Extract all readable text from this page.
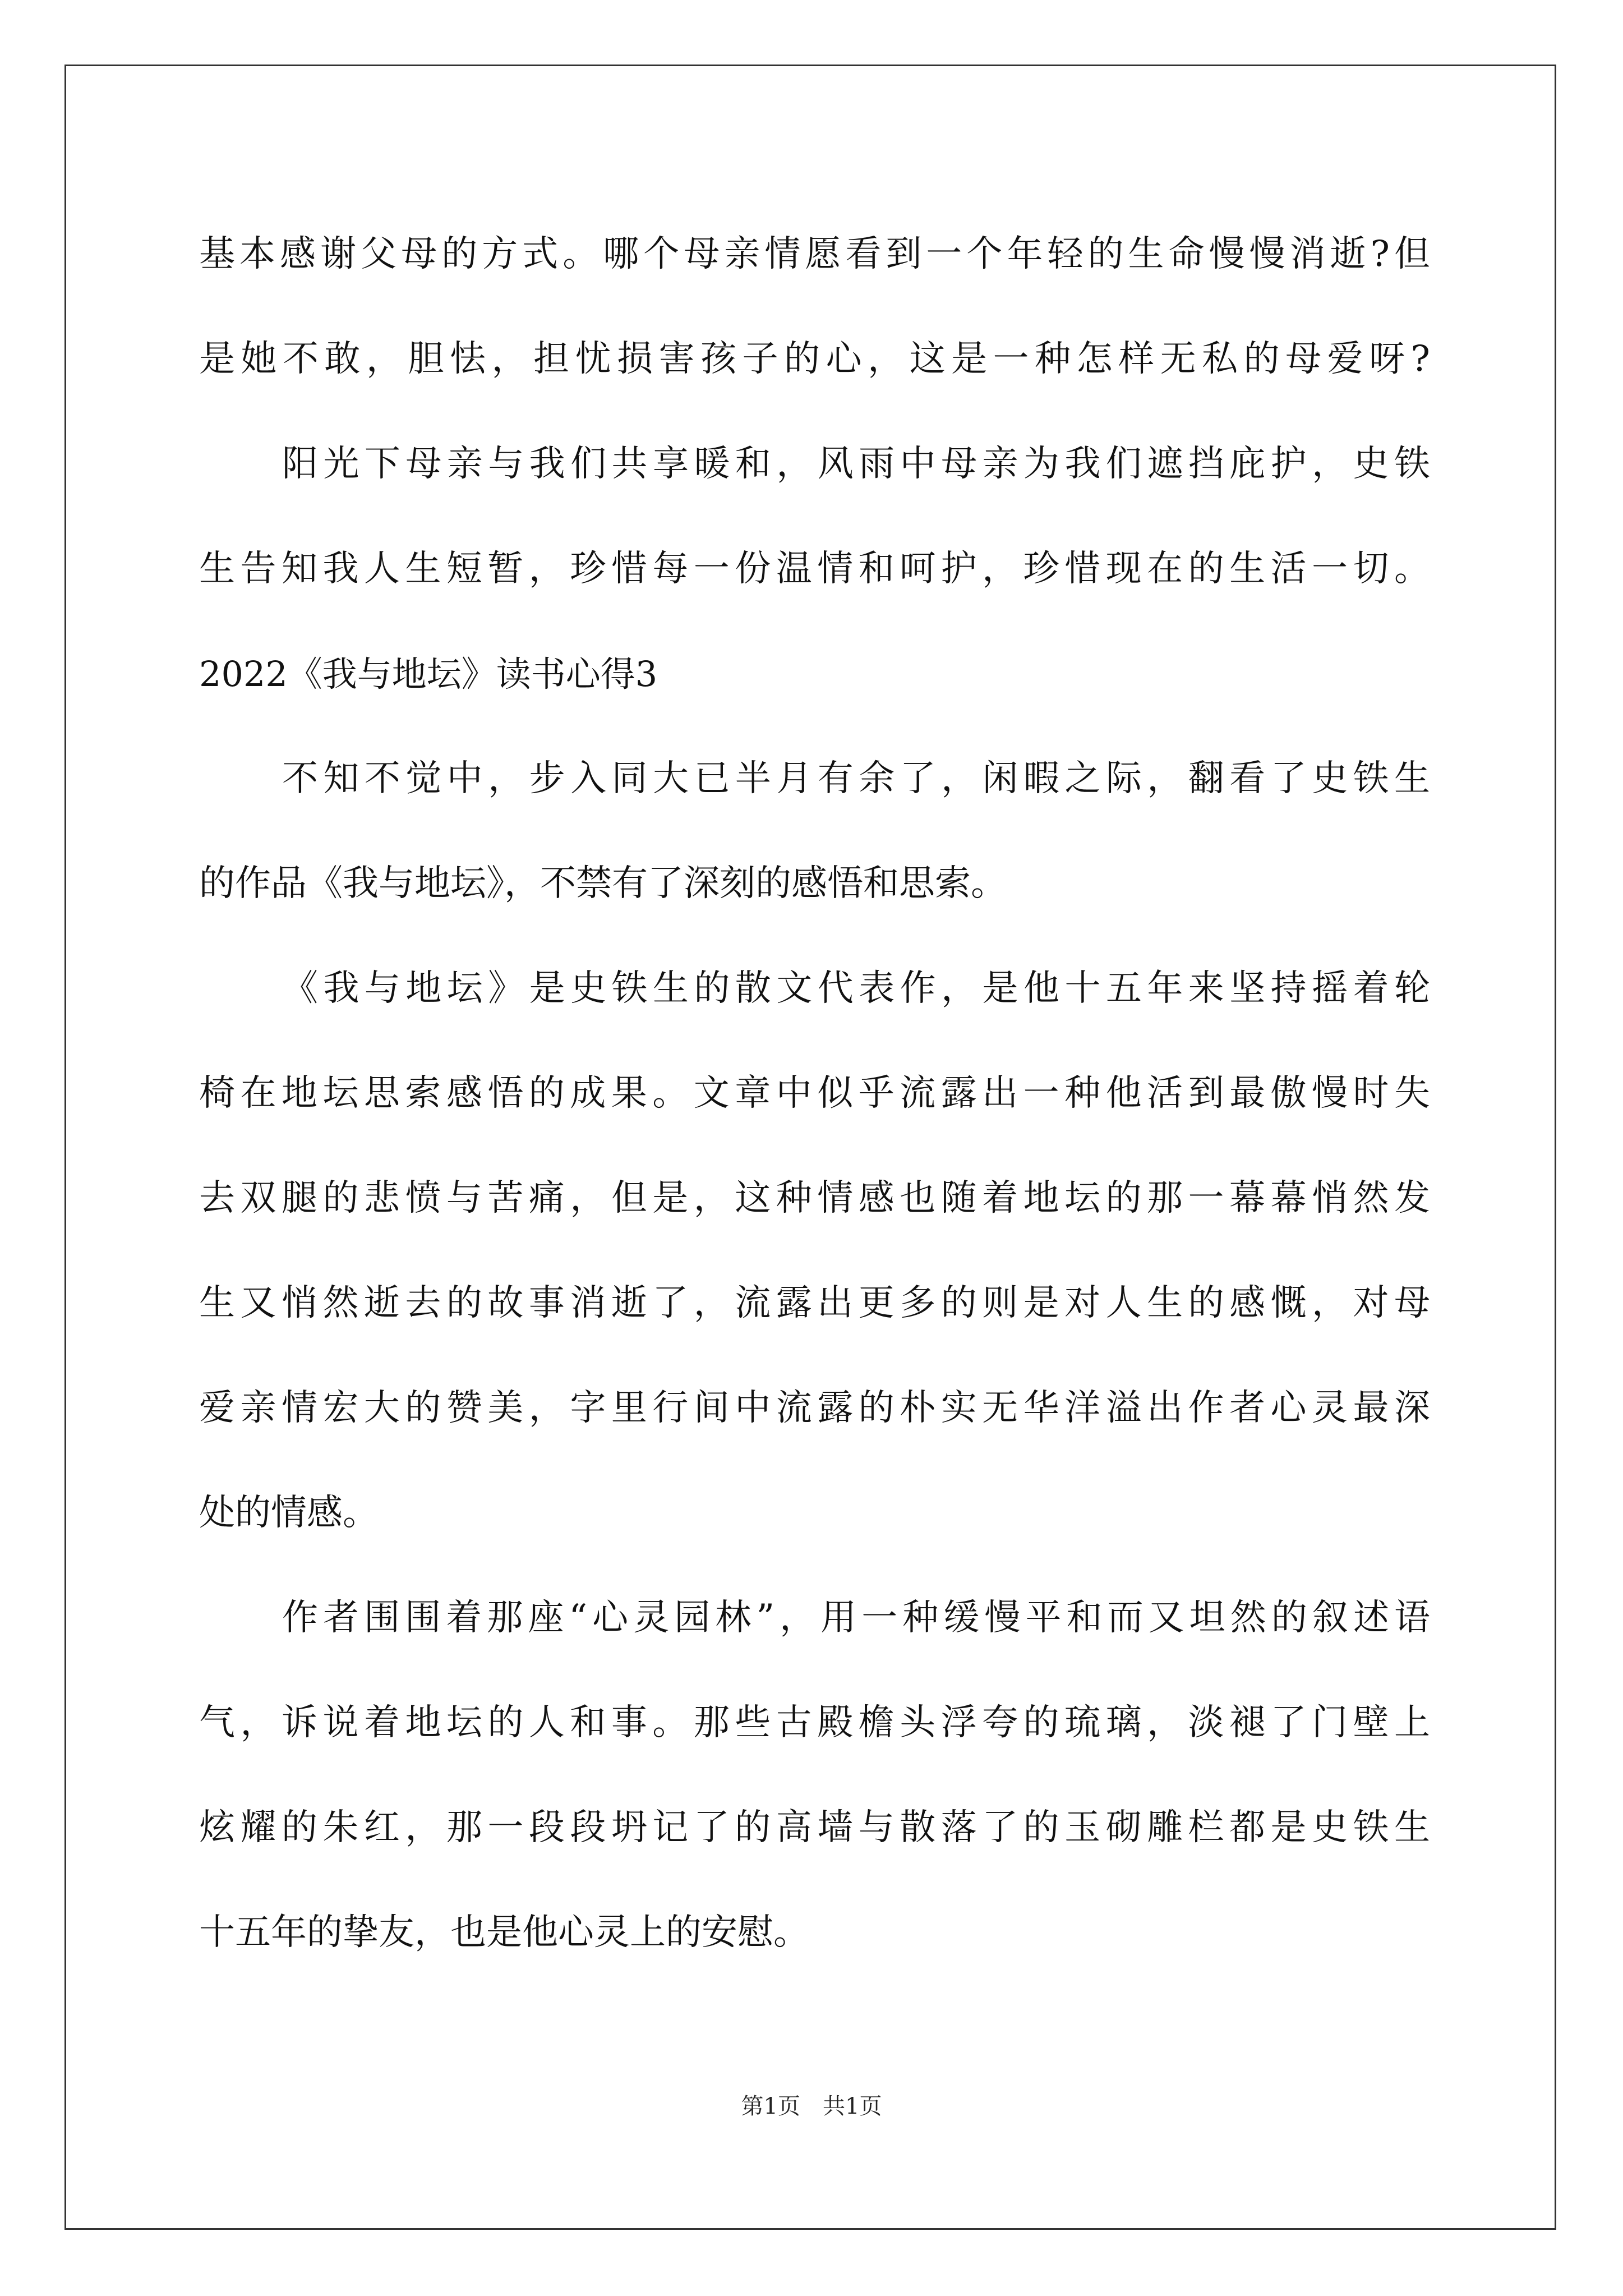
基本感谢父母的方式。哪个母亲情愿看到一个年轻的生命慢慢消逝?但
是她不敢，胆怯，担忧损害孩子的心，这是一种怎样无私的母爱呀?
阳光下母亲与我们共享暖和，风雨中母亲为我们遮挡庇护，史铁
生告知我人生短暂，珍惜每一份温情和呵护，珍惜现在的生活一切。
2022《我与地坛》读书心得3
不知不觉中，步入同大已半月有余了，闲暇之际，翻看了史铁生
的作品《我与地坛》，不禁有了深刻的感悟和思索。
《我与地坛》是史铁生的散文代表作，是他十五年来坚持摇着轮
椅在地坛思索感悟的成果。文章中似乎流露出一种他活到最傲慢时失
去双腿的悲愤与苦痛，但是，这种情感也随着地坛的那一幕幕悄然发
生又悄然逝去的故事消逝了，流露出更多的则是对人生的感慨，对母
爱亲情宏大的赞美，字里行间中流露的朴实无华洋溢出作者心灵最深
处的情感。
作者围围着那座“心灵园林”，用一种缓慢平和而又坦然的叙述语
气，诉说着地坛的人和事。那些古殿檐头浮夸的琉璃，淡褪了门壁上
炫耀的朱红，那一段段坍记了的高墙与散落了的玉砌雕栏都是史铁生
十五年的挚友，也是他心灵上的安慰。
第1页　共1页
